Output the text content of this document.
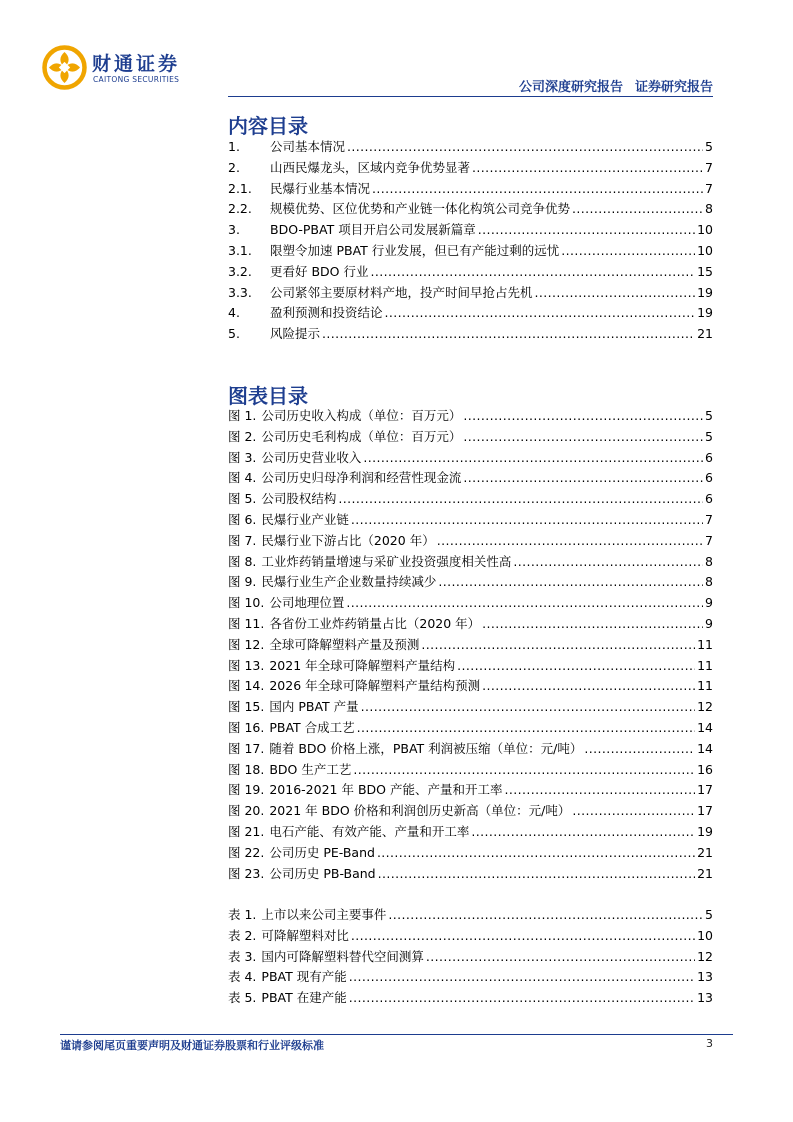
财通证券
CAITONG SECURITIES
公司深度研究报告 证券研究报告
内容目录
1.	公司基本情况 .....	5
2.	山西民爆龙头，区域内竞争优势显著 .....	7
2.1.	民爆行业基本情况 .....	7
2.2.	规模优势、区位优势和产业链一体化构筑公司竞争优势 .....	8
3.	BDO-PBAT 项目开启公司发展新篇章 .....	10
3.1.	限塑令加速 PBAT 行业发展，但已有产能过剩的远忧 .....	10
3.2.	更看好 BDO 行业 .....	15
3.3.	公司紧邻主要原材料产地，投产时间早抢占先机 .....	19
4.	盈利预测和投资结论 .....	19
5.	风险提示 .....	21
图表目录
图 1. 公司历史收入构成（单位：百万元） .....	5
图 2. 公司历史毛利构成（单位：百万元） .....	5
图 3. 公司历史营业收入 .....	6
图 4. 公司历史归母净利润和经营性现金流 .....	6
图 5. 公司股权结构 .....	6
图 6. 民爆行业产业链 .....	7
图 7. 民爆行业下游占比（2020 年） .....	7
图 8. 工业炸药销量增速与采矿业投资强度相关性高 .....	8
图 9. 民爆行业生产企业数量持续减少 .....	8
图 10. 公司地理位置 .....	9
图 11. 各省份工业炸药销量占比（2020 年） .....	9
图 12. 全球可降解塑料产量及预测 .....	11
图 13. 2021 年全球可降解塑料产量结构 .....	11
图 14. 2026 年全球可降解塑料产量结构预测 .....	11
图 15. 国内 PBAT 产量 .....	12
图 16. PBAT 合成工艺 .....	14
图 17. 随着 BDO 价格上涨，PBAT 利润被压缩（单位：元/吨） .....	14
图 18. BDO 生产工艺 .....	16
图 19. 2016-2021 年 BDO 产能、产量和开工率 .....	17
图 20. 2021 年 BDO 价格和利润创历史新高（单位：元/吨） .....	17
图 21. 电石产能、有效产能、产量和开工率 .....	19
图 22. 公司历史 PE-Band .....	21
图 23. 公司历史 PB-Band .....	21
表 1. 上市以来公司主要事件 .....	5
表 2. 可降解塑料对比 .....	10
表 3. 国内可降解塑料替代空间测算 .....	12
表 4. PBAT 现有产能 .....	13
表 5. PBAT 在建产能 .....	13
谨请参阅尾页重要声明及财通证券股票和行业评级标准	3
